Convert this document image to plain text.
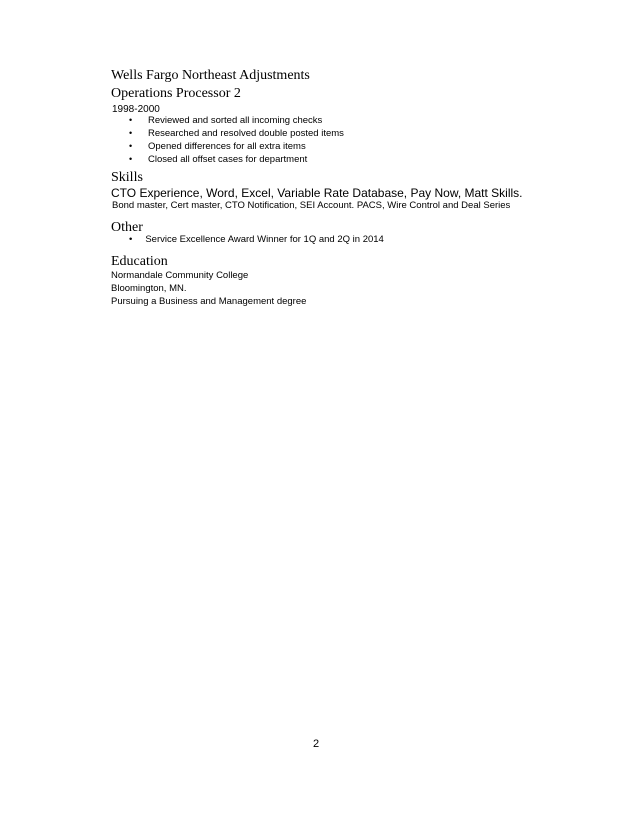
Wells Fargo Northeast Adjustments
Operations Processor 2
1998-2000
• Reviewed and sorted all incoming checks
• Researched and resolved double posted items
• Opened differences for all extra items
• Closed all offset cases for department
Skills
CTO Experience, Word, Excel, Variable Rate Database, Pay Now, Matt Skills.
Bond master, Cert master, CTO Notification, SEI Account. PACS, Wire Control and Deal Series
Other
• Service Excellence Award Winner for 1Q and 2Q in 2014
Education
Normandale Community College
Bloomington, MN.
Pursuing a Business and Management degree
2
